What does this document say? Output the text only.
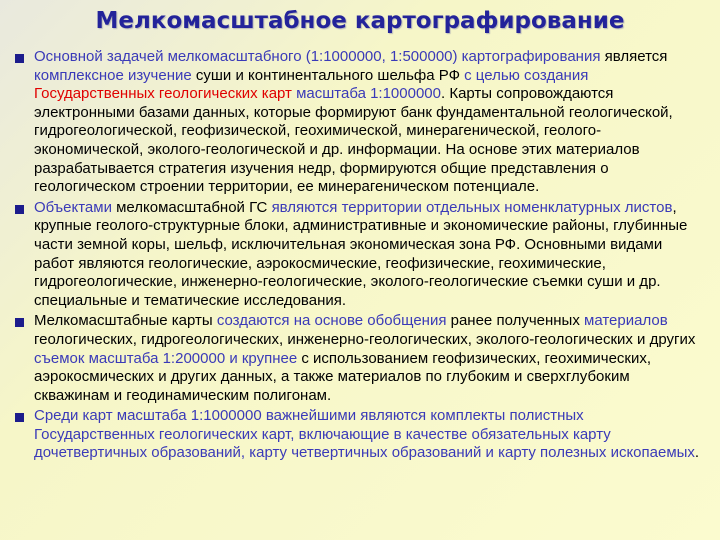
Мелкомасштабное картографирование
Основной задачей мелкомасштабного (1:1000000, 1:500000) картографирования является комплексное изучение суши и континентального шельфа РФ с целью создания Государственных геологических карт масштаба 1:1000000. Карты сопровождаются электронными базами данных, которые формируют банк фундаментальной геологической, гидрогеологической, геофизической, геохимической, минерагенической, геолого-экономической, эколого-геологической и др. информации. На основе этих материалов разрабатывается стратегия изучения недр, формируются общие представления о геологическом строении территории, ее минерагеническом потенциале.
Объектами мелкомасштабной ГС являются территории отдельных номенклатурных листов, крупные геолого-структурные блоки, административные и экономические районы, глубинные части земной коры, шельф, исключительная экономическая зона РФ. Основными видами работ являются геологические, аэрокосмические, геофизические, геохимические, гидрогеологические, инженерно-геологические, эколого-геологические съемки суши и др. специальные и тематические исследования.
Мелкомасштабные карты создаются на основе обобщения ранее полученных материалов геологических, гидрогеологических, инженерно-геологических, эколого-геологических и других съемок масштаба 1:200000 и крупнее с использованием геофизических, геохимических, аэрокосмических и других данных, а также материалов по глубоким и сверхглубоким скважинам и геодинамическим полигонам.
Среди карт масштаба 1:1000000 важнейшими являются комплекты полистных Государственных геологических карт, включающие в качестве обязательных карту дочетвертичных образований, карту четвертичных образований и карту полезных ископаемых.
